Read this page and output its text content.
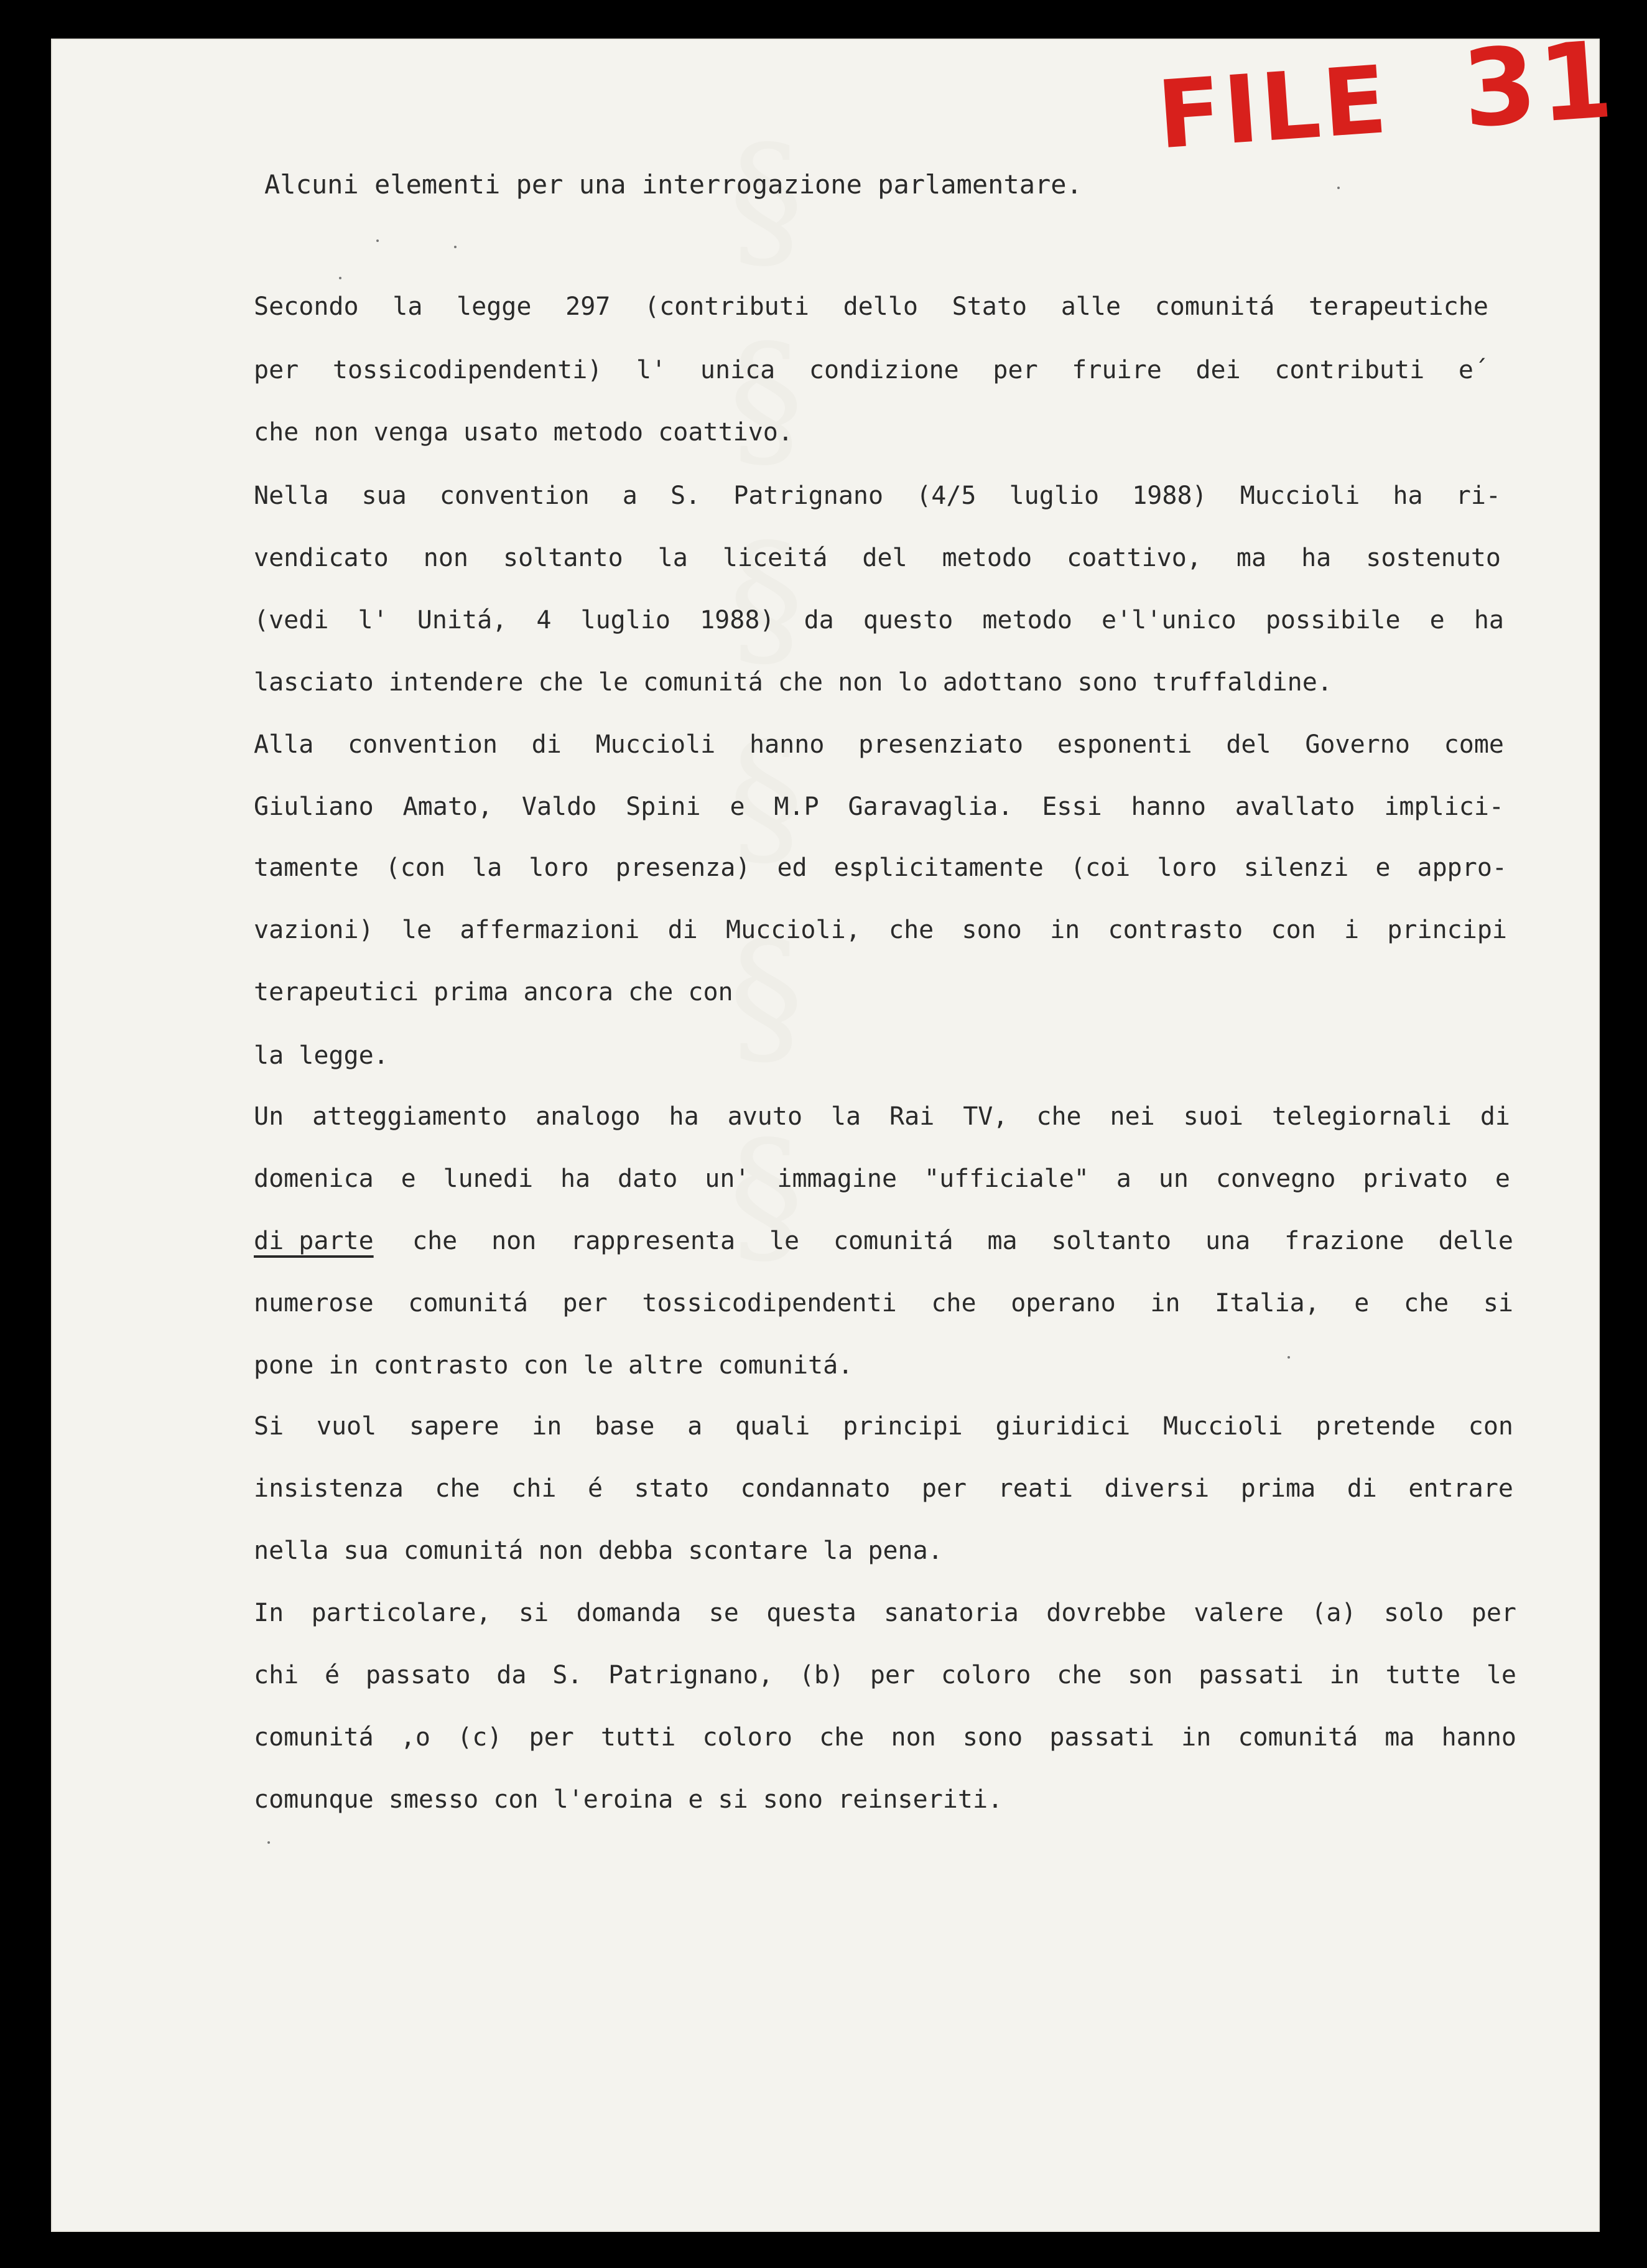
§§§§§§
FILE 31
Alcuni elementi per una interrogazione parlamentare.
Secondo la legge 297 (contributi dello Stato alle comunitá terapeutiche
per tossicodipendenti) l' unica condizione per fruire dei contributi e´
che non venga usato metodo coattivo.
Nella sua convention a S. Patrignano (4/5 luglio 1988) Muccioli ha ri-
vendicato non soltanto la liceitá del metodo coattivo, ma ha sostenuto
(vedi l' Unitá, 4 luglio 1988) da questo metodo e'l'unico possibile e ha
lasciato intendere che le comunitá che non lo adottano sono truffaldine.
Alla convention di Muccioli hanno presenziato esponenti del Governo come
Giuliano Amato, Valdo Spini e M.P Garavaglia. Essi hanno avallato implici-
tamente (con la loro presenza) ed esplicitamente (coi loro silenzi e appro-
vazioni) le affermazioni di Muccioli, che sono in contrasto con i principi
terapeutici prima ancora che con
la legge.
Un atteggiamento analogo ha avuto la Rai TV, che nei suoi telegiornali di
domenica e lunedi ha dato un' immagine "ufficiale" a un convegno privato e
di parte che non rappresenta le comunitá ma soltanto una frazione delle
numerose comunitá per tossicodipendenti che operano in Italia, e che si
pone in contrasto con le altre comunitá.
Si vuol sapere in base a quali principi giuridici Muccioli pretende con
insistenza che chi é stato condannato per reati diversi prima di entrare
nella sua comunitá non debba scontare la pena.
In particolare, si domanda se questa sanatoria dovrebbe valere (a) solo per
chi é passato da S. Patrignano, (b) per coloro che son passati in tutte le
comunitá ,o (c) per tutti coloro che non sono passati in comunitá ma hanno
comunque smesso con l'eroina e si sono reinseriti.
